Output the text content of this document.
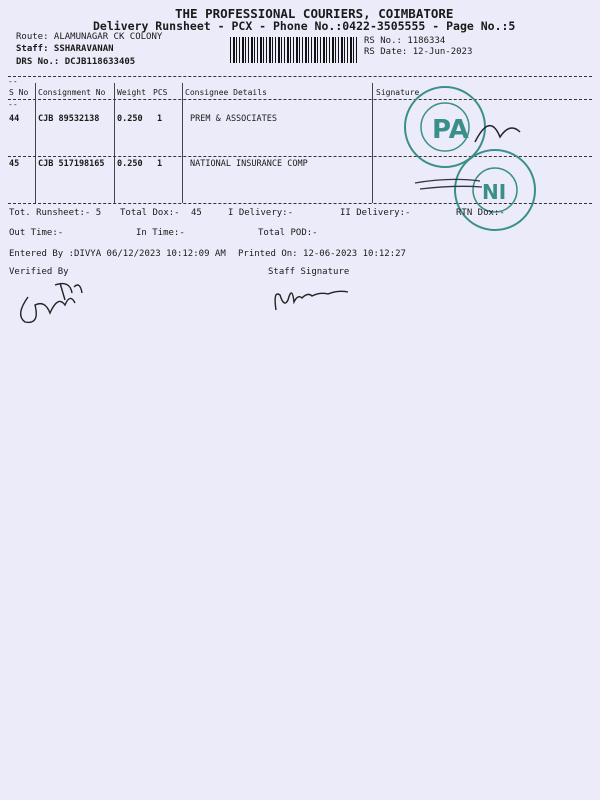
THE PROFESSIONAL COURIERS, COIMBATORE
Delivery Runsheet - PCX - Phone No.:0422-3505555 - Page No.:5
Route: ALAMUNAGAR CK COLONY
Staff: SSHARAVANAN
DRS No.: DCJB118633405
RS No.: 1186334
RS Date: 12-Jun-2023
--
S No Consignment No Weight PCS Consignee Details	Signature
--
44 CJB 89532138 0.250 1	PREM & ASSOCIATES
45 CJB 517198165 0.250 1	NATIONAL INSURANCE COMP
PA
NI
Tot. Runsheet:- 5 Total Dox:- 45	I Delivery:-	II Delivery:-	RTN Dox:-
Out Time:-	In Time:-	Total POD:-
Entered By :DIVYA 06/12/2023 10:12:09 AM Printed On: 12-06-2023 10:12:27
Verified By	Staff Signature
